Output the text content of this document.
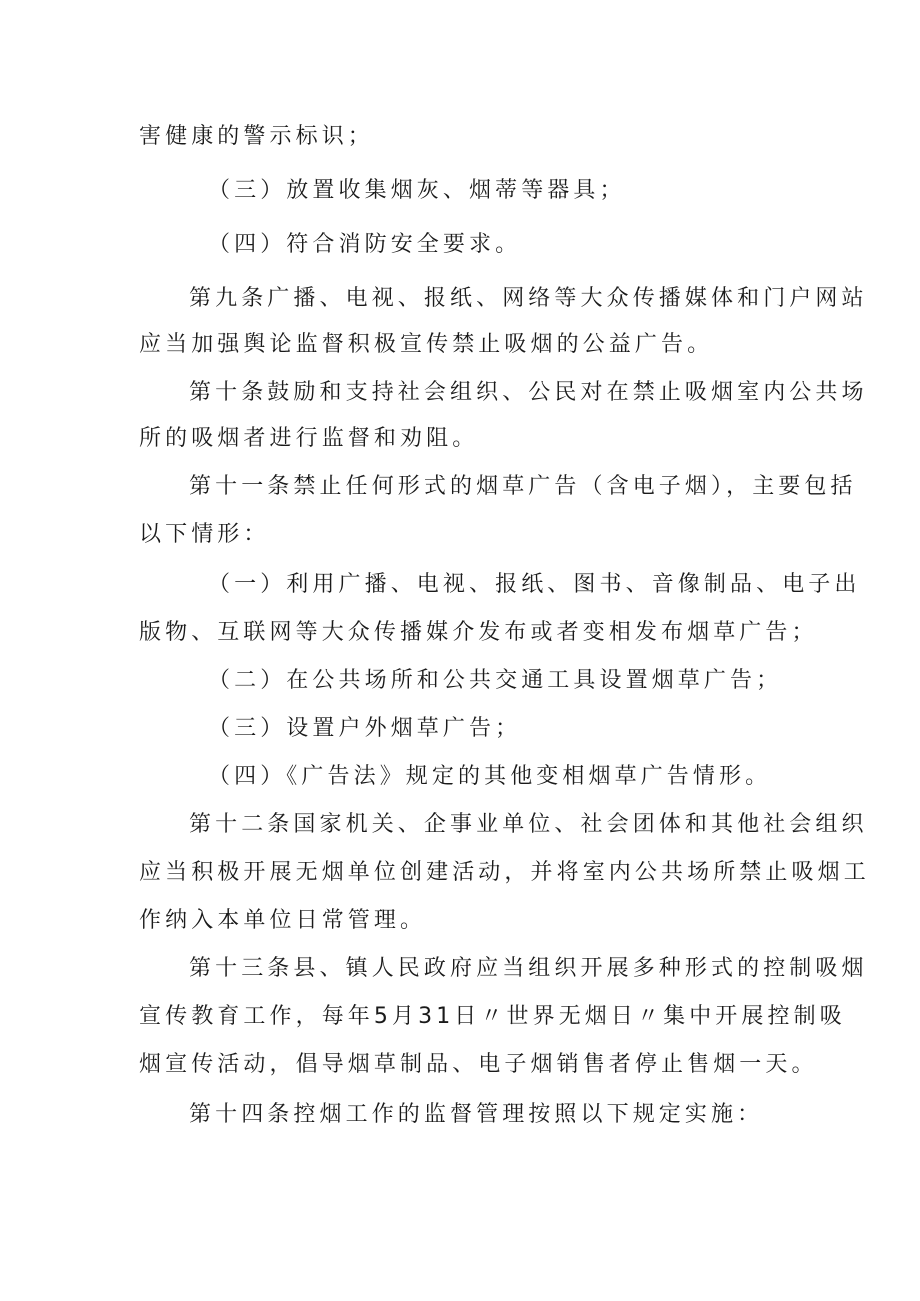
害健康的警示标识；
（三）放置收集烟灰、烟蒂等器具；
（四）符合消防安全要求。
第九条广播、电视、报纸、网络等大众传播媒体和门户网站
应当加强舆论监督积极宣传禁止吸烟的公益广告。
第十条鼓励和支持社会组织、公民对在禁止吸烟室内公共场
所的吸烟者进行监督和劝阻。
第十一条禁止任何形式的烟草广告（含电子烟），主要包括
以下情形：
（一）利用广播、电视、报纸、图书、音像制品、电子出
版物、互联网等大众传播媒介发布或者变相发布烟草广告；
（二）在公共场所和公共交通工具设置烟草广告；
（三）设置户外烟草广告；
（四）《广告法》规定的其他变相烟草广告情形。
第十二条国家机关、企事业单位、社会团体和其他社会组织
应当积极开展无烟单位创建活动，并将室内公共场所禁止吸烟工
作纳入本单位日常管理。
第十三条县、镇人民政府应当组织开展多种形式的控制吸烟
宣传教育工作，每年5月31日〃世界无烟日〃集中开展控制吸
烟宣传活动，倡导烟草制品、电子烟销售者停止售烟一天。
第十四条控烟工作的监督管理按照以下规定实施：
